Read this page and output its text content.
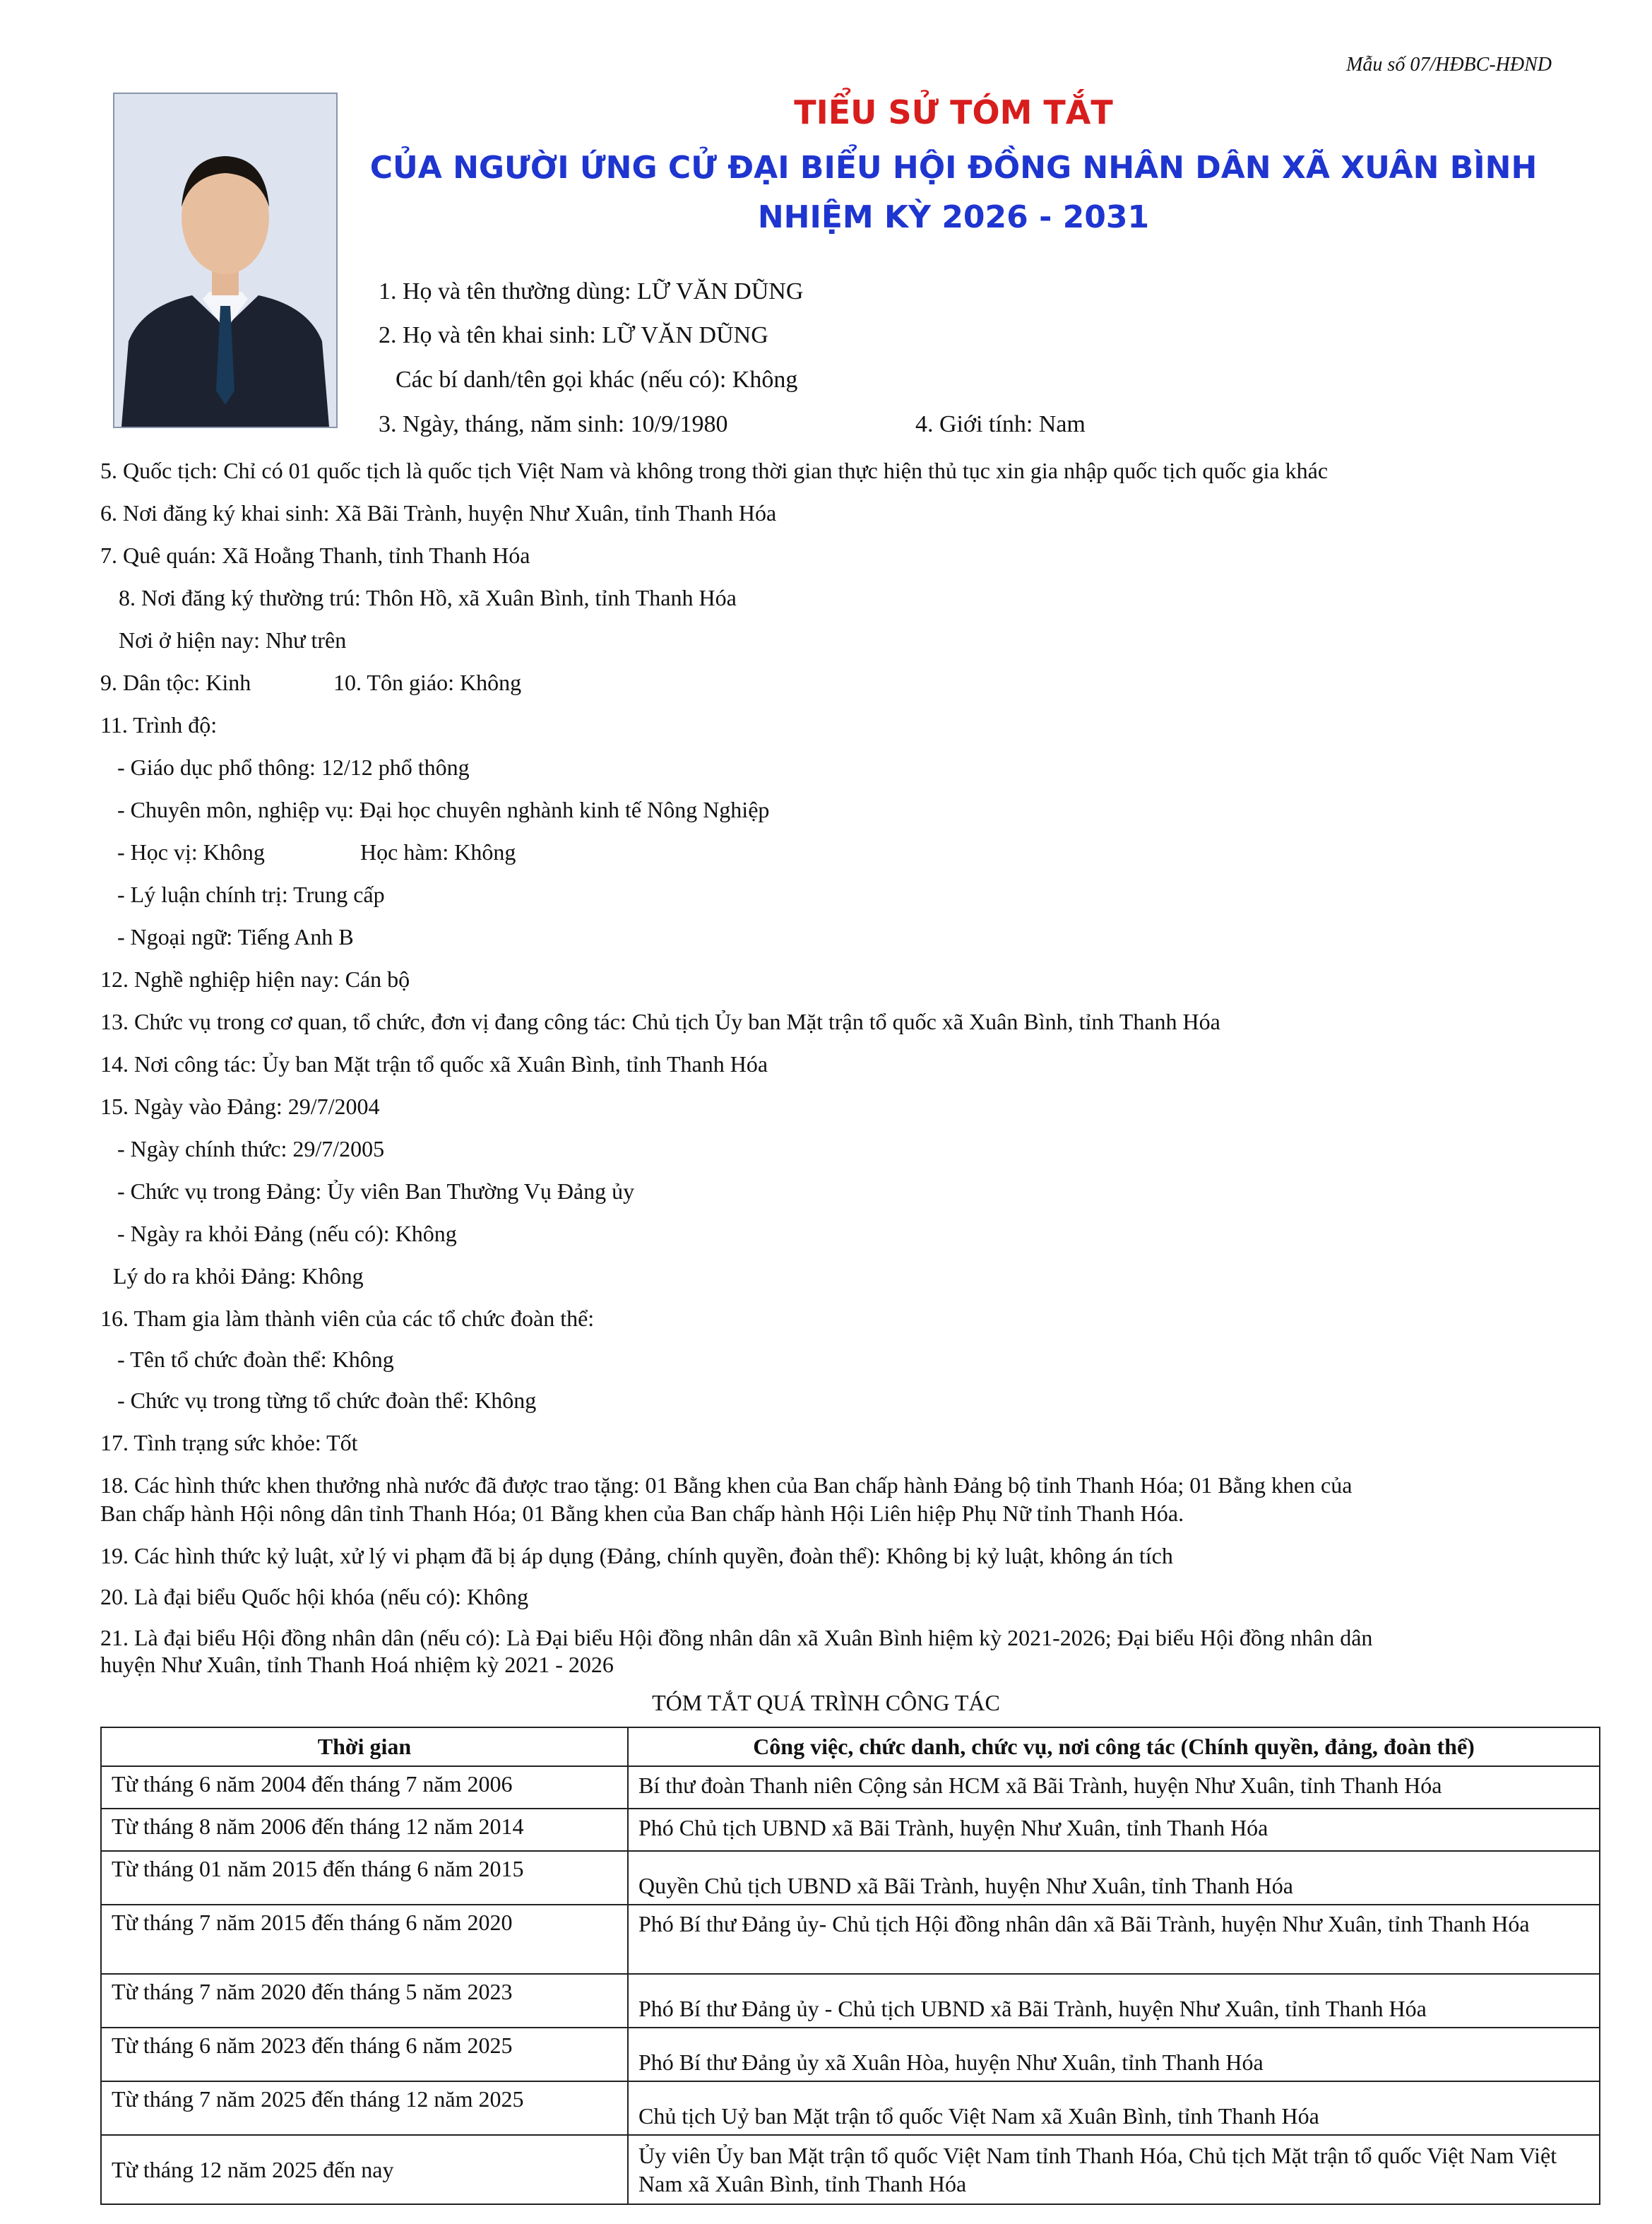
Mẫu số 07/HĐBC-HĐND
TIỂU SỬ TÓM TẮT
CỦA NGƯỜI ỨNG CỬ ĐẠI BIỂU HỘI ĐỒNG NHÂN DÂN XÃ XUÂN BÌNH
NHIỆM KỲ 2026 - 2031
1. Họ và tên thường dùng: LỮ VĂN DŨNG
2. Họ và tên khai sinh: LỮ VĂN DŨNG
Các bí danh/tên gọi khác (nếu có): Không
3. Ngày, tháng, năm sinh: 10/9/1980	4. Giới tính: Nam
5. Quốc tịch: Chỉ có 01 quốc tịch là quốc tịch Việt Nam và không trong thời gian thực hiện thủ tục xin gia nhập quốc tịch quốc gia khác
6. Nơi đăng ký khai sinh: Xã Bãi Trành, huyện Như Xuân, tỉnh Thanh Hóa
7. Quê quán: Xã Hoằng Thanh, tỉnh Thanh Hóa
8. Nơi đăng ký thường trú: Thôn Hồ, xã Xuân Bình, tỉnh Thanh Hóa
Nơi ở hiện nay: Như trên
9. Dân tộc: Kinh	10. Tôn giáo: Không
11. Trình độ:
- Giáo dục phổ thông: 12/12 phổ thông
- Chuyên môn, nghiệp vụ: Đại học chuyên nghành kinh tế Nông Nghiệp
- Học vị: Không	Học hàm: Không
- Lý luận chính trị: Trung cấp
- Ngoại ngữ: Tiếng Anh B
12. Nghề nghiệp hiện nay: Cán bộ
13. Chức vụ trong cơ quan, tổ chức, đơn vị đang công tác: Chủ tịch Ủy ban Mặt trận tổ quốc xã Xuân Bình, tỉnh Thanh Hóa
14. Nơi công tác: Ủy ban Mặt trận tổ quốc xã Xuân Bình, tỉnh Thanh Hóa
15. Ngày vào Đảng: 29/7/2004
- Ngày chính thức: 29/7/2005
- Chức vụ trong Đảng: Ủy viên Ban Thường Vụ Đảng ủy
- Ngày ra khỏi Đảng (nếu có): Không
Lý do ra khỏi Đảng: Không
16. Tham gia làm thành viên của các tổ chức đoàn thể:
- Tên tổ chức đoàn thể: Không
- Chức vụ trong từng tổ chức đoàn thể: Không
17. Tình trạng sức khỏe: Tốt
18. Các hình thức khen thưởng nhà nước đã được trao tặng: 01 Bằng khen của Ban chấp hành Đảng bộ tỉnh Thanh Hóa; 01 Bằng khen của
Ban chấp hành Hội nông dân tỉnh Thanh Hóa; 01 Bằng khen của Ban chấp hành Hội Liên hiệp Phụ Nữ tỉnh Thanh Hóa.
19. Các hình thức kỷ luật, xử lý vi phạm đã bị áp dụng (Đảng, chính quyền, đoàn thể): Không bị kỷ luật, không án tích
20. Là đại biểu Quốc hội khóa (nếu có): Không
21. Là đại biểu Hội đồng nhân dân (nếu có): Là Đại biểu Hội đồng nhân dân xã Xuân Bình hiệm kỳ 2021-2026; Đại biểu Hội đồng nhân dân
huyện Như Xuân, tỉnh Thanh Hoá nhiệm kỳ 2021 - 2026
TÓM TẮT QUÁ TRÌNH CÔNG TÁC
Thời gian	Công việc, chức danh, chức vụ, nơi công tác (Chính quyền, đảng, đoàn thể)
Từ tháng 6 năm 2004 đến tháng 7 năm 2006	Bí thư đoàn Thanh niên Cộng sản HCM xã Bãi Trành, huyện Như Xuân, tỉnh Thanh Hóa
Từ tháng 8 năm 2006 đến tháng 12 năm 2014	Phó Chủ tịch UBND xã Bãi Trành, huyện Như Xuân, tỉnh Thanh Hóa
Từ tháng 01 năm 2015 đến tháng 6 năm 2015	Quyền Chủ tịch UBND xã Bãi Trành, huyện Như Xuân, tỉnh Thanh Hóa
Từ tháng 7 năm 2015 đến tháng 6 năm 2020	Phó Bí thư Đảng ủy- Chủ tịch Hội đồng nhân dân xã Bãi Trành, huyện Như Xuân, tỉnh Thanh Hóa
Từ tháng 7 năm 2020 đến tháng 5 năm 2023	Phó Bí thư Đảng ủy - Chủ tịch UBND xã Bãi Trành, huyện Như Xuân, tỉnh Thanh Hóa
Từ tháng 6 năm 2023 đến tháng 6 năm 2025	Phó Bí thư Đảng ủy xã Xuân Hòa, huyện Như Xuân, tỉnh Thanh Hóa
Từ tháng 7 năm 2025 đến tháng 12 năm 2025	Chủ tịch Uỷ ban Mặt trận tổ quốc Việt Nam xã Xuân Bình, tỉnh Thanh Hóa
Từ tháng 12 năm 2025 đến nay	Ủy viên Ủy ban Mặt trận tổ quốc Việt Nam tỉnh Thanh Hóa, Chủ tịch Mặt trận tổ quốc Việt Nam Việt Nam xã Xuân Bình, tỉnh Thanh Hóa
